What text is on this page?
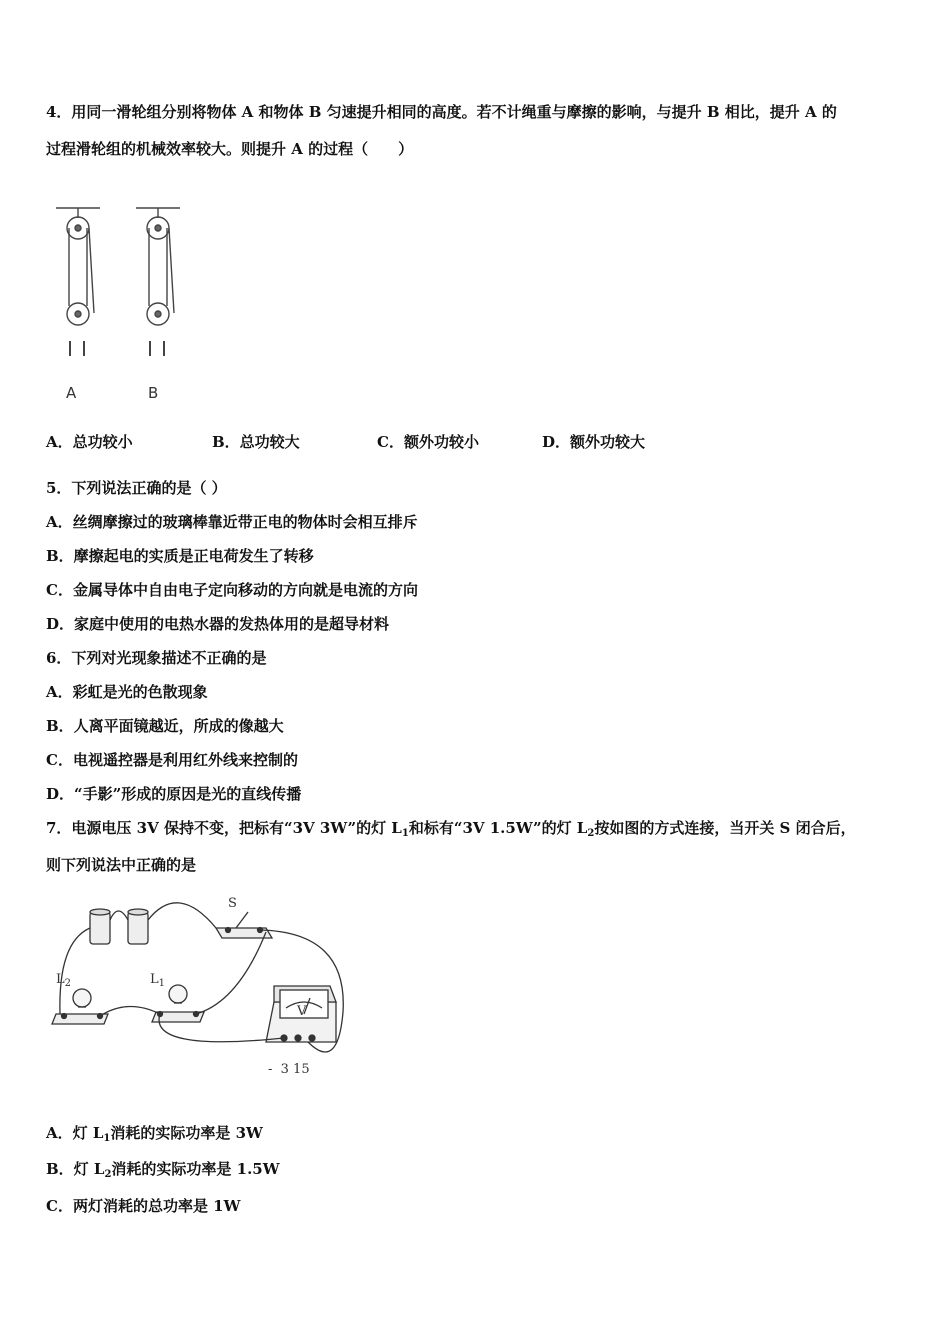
4．用同一滑轮组分别将物体 A 和物体 B 匀速提升相同的高度。若不计绳重与摩擦的影响，与提升 B 相比，提升 A 的
过程滑轮组的机械效率较大。则提升 A 的过程（　　）
A	B
A．总功较小	B．总功较大	C．额外功较小	D．额外功较大
5．下列说法正确的是（ ）
A．丝绸摩擦过的玻璃棒靠近带正电的物体时会相互排斥
B．摩擦起电的实质是正电荷发生了转移
C．金属导体中自由电子定向移动的方向就是电流的方向
D．家庭中使用的电热水器的发热体用的是超导材料
6．下列对光现象描述不正确的是
A．彩虹是光的色散现象
B．人离平面镜越近，所成的像越大
C．电视遥控器是利用红外线来控制的
D．“手影”形成的原因是光的直线传播
7．电源电压 3V 保持不变，把标有“3V 3W”的灯 $L_1$和标有“3V 1.5W”的灯 $L_2$按如图的方式连接，当开关 S 闭合后，
则下列说法中正确的是
S
$L_2$	$L_1$
V
-  3 15
A．灯 $L_1$消耗的实际功率是 3W
B．灯 $L_2$消耗的实际功率是 1.5W
C．两灯消耗的总功率是 1W
